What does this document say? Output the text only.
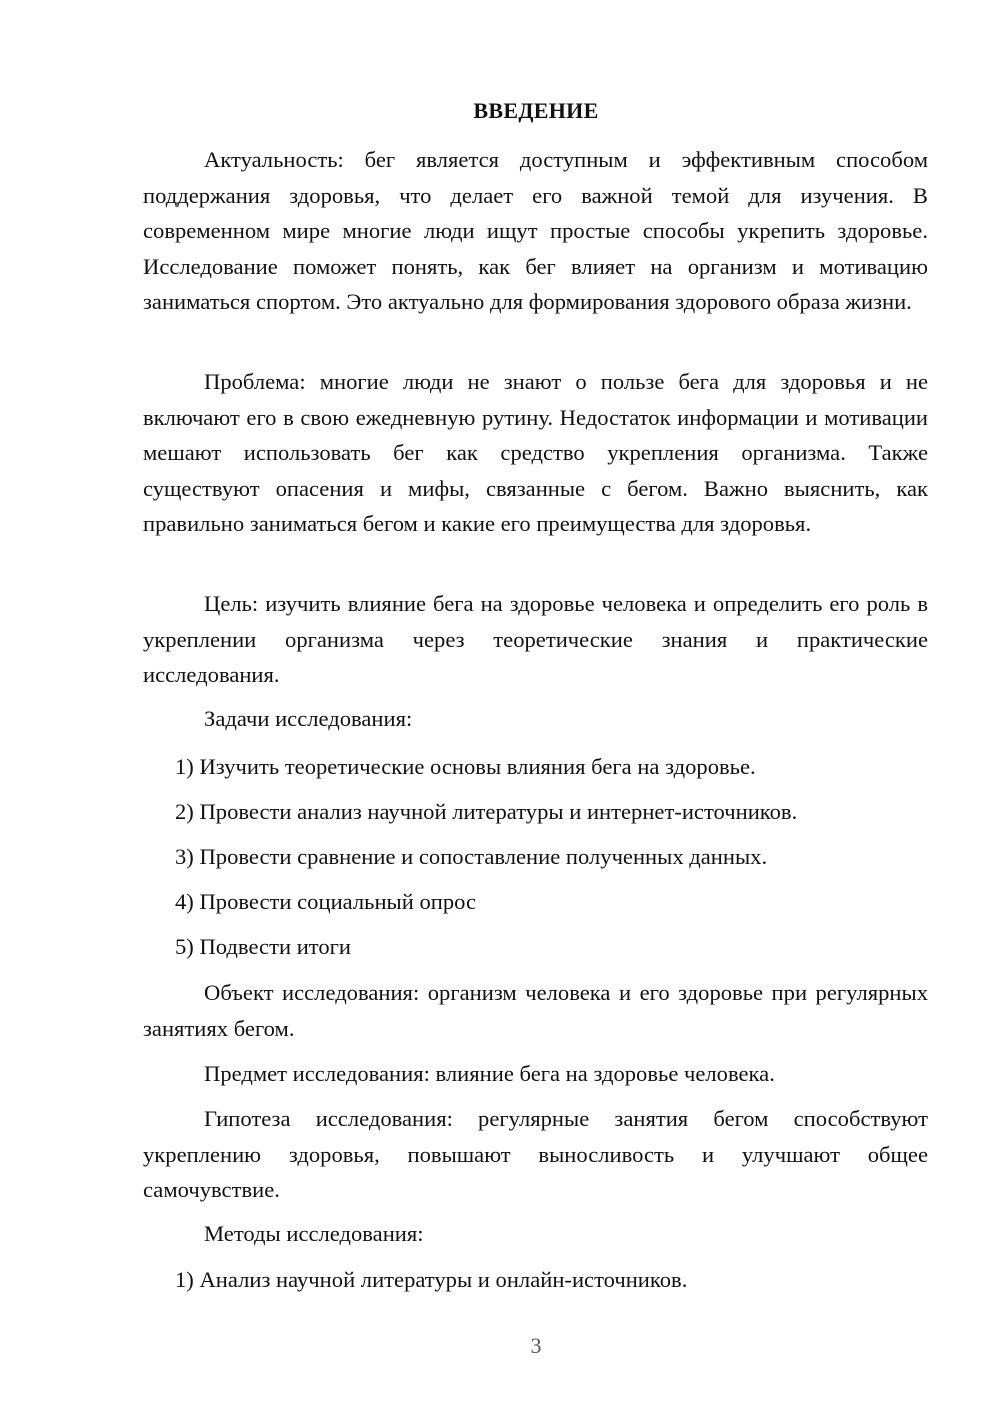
ВВЕДЕНИЕ

Актуальность: бег является доступным и эффективным способом поддержания здоровья, что делает его важной темой для изучения. В современном мире многие люди ищут простые способы укрепить здоровье. Исследование поможет понять, как бег влияет на организм и мотивацию заниматься спортом. Это актуально для формирования здорового образа жизни.

Проблема: многие люди не знают о пользе бега для здоровья и не включают его в свою ежедневную рутину. Недостаток информации и мотивации мешают использовать бег как средство укрепления организма. Также существуют опасения и мифы, связанные с бегом. Важно выяснить, как правильно заниматься бегом и какие его преимущества для здоровья.

Цель: изучить влияние бега на здоровье человека и определить его роль в укреплении организма через теоретические знания и практические исследования.

Задачи исследования:

1) Изучить теоретические основы влияния бега на здоровье.
2) Провести анализ научной литературы и интернет-источников.
3) Провести сравнение и сопоставление полученных данных.
4) Провести социальный опрос
5) Подвести итоги

Объект исследования: организм человека и его здоровье при регулярных занятиях бегом.

Предмет исследования: влияние бега на здоровье человека.

Гипотеза исследования: регулярные занятия бегом способствуют укреплению здоровья, повышают выносливость и улучшают общее самочувствие.

Методы исследования:

1) Анализ научной литературы и онлайн-источников.
3
